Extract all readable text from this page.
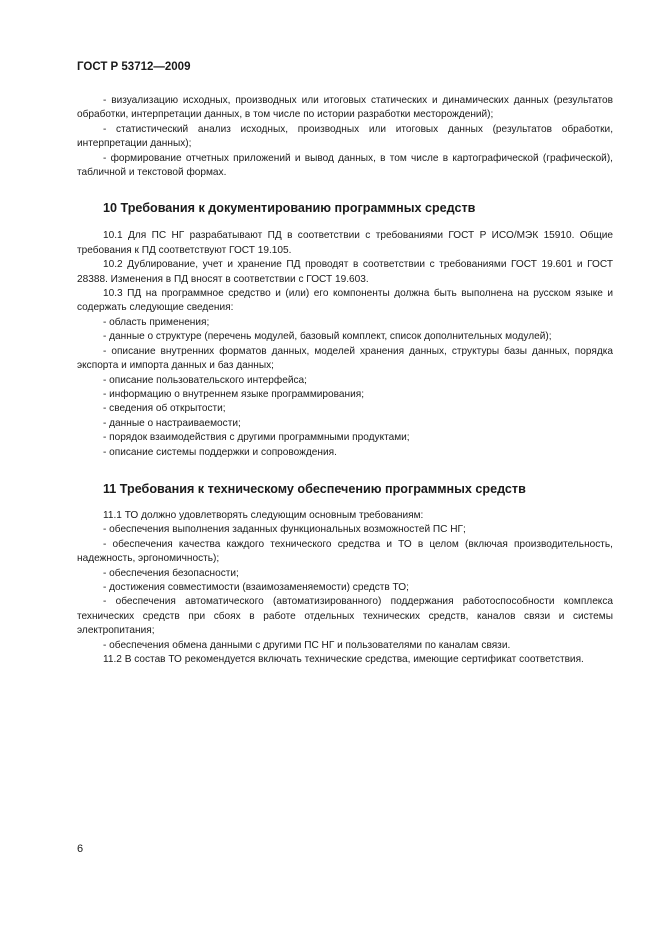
ГОСТ Р 53712—2009

- визуализацию исходных, производных или итоговых статических и динамических данных (результатов обработки, интерпретации данных, в том числе по истории разработки месторождений);

- статистический анализ исходных, производных или итоговых данных (результатов обработки, интерпретации данных);

- формирование отчетных приложений и вывод данных, в том числе в картографической (графической), табличной и текстовой формах.

10 Требования к документированию программных средств

10.1 Для ПС НГ разрабатывают ПД в соответствии с требованиями ГОСТ Р ИСО/МЭК 15910. Общие требования к ПД соответствуют ГОСТ 19.105.

10.2 Дублирование, учет и хранение ПД проводят в соответствии с требованиями ГОСТ 19.601 и ГОСТ 28388. Изменения в ПД вносят в соответствии с ГОСТ 19.603.

10.3 ПД на программное средство и (или) его компоненты должна быть выполнена на русском языке и содержать следующие сведения:

- область применения;

- данные о структуре (перечень модулей, базовый комплект, список дополнительных модулей);

- описание внутренних форматов данных, моделей хранения данных, структуры базы данных, порядка экспорта и импорта данных и баз данных;

- описание пользовательского интерфейса;

- информацию о внутреннем языке программирования;

- сведения об открытости;

- данные о настраиваемости;

- порядок взаимодействия с другими программными продуктами;

- описание системы поддержки и сопровождения.

11 Требования к техническому обеспечению программных средств

11.1 ТО должно удовлетворять следующим основным требованиям:

- обеспечения выполнения заданных функциональных возможностей ПС НГ;

- обеспечения качества каждого технического средства и ТО в целом (включая производительность, надежность, эргономичность);

- обеспечения безопасности;

- достижения совместимости (взаимозаменяемости) средств ТО;

- обеспечения автоматического (автоматизированного) поддержания работоспособности комплекса технических средств при сбоях в работе отдельных технических средств, каналов связи и системы электропитания;

- обеспечения обмена данными с другими ПС НГ и пользователями по каналам связи.

11.2 В состав ТО рекомендуется включать технические средства, имеющие сертификат соответствия.

6
